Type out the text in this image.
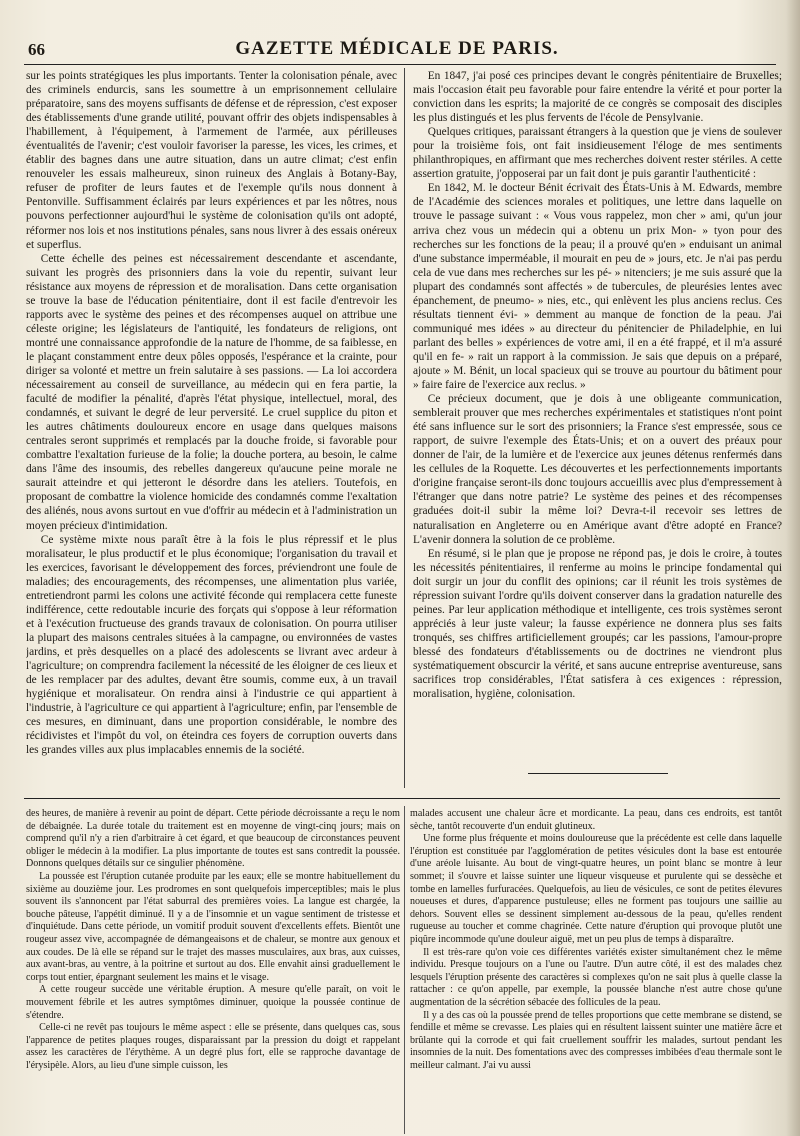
66	GAZETTE MÉDICALE DE PARIS.

sur les points stratégiques les plus importants. Tenter la colonisation pénale, avec des criminels endurcis, sans les soumettre à un emprisonnement cellulaire préparatoire, sans des moyens suffisants de défense et de répression, c'est exposer des établissements d'une grande utilité, pouvant offrir des objets indispensables à l'habillement, à l'équipement, à l'armement de l'armée, aux périlleuses éventualités de l'avenir; c'est vouloir favoriser la paresse, les vices, les crimes, et établir des bagnes dans une autre situation, dans un autre climat; c'est enfin renouveler les essais malheureux, sinon ruineux des Anglais à Botany-Bay, refuser de profiter de leurs fautes et de l'exemple qu'ils nous donnent à Pentonville. Suffisamment éclairés par leurs expériences et par les nôtres, nous pouvons perfectionner aujourd'hui le système de colonisation qu'ils ont adopté, réformer nos lois et nos institutions pénales, sans nous livrer à des essais onéreux et superflus.

Cette échelle des peines est nécessairement descendante et ascendante, suivant les progrès des prisonniers dans la voie du repentir, suivant leur résistance aux moyens de répression et de moralisation. Dans cette organisation se trouve la base de l'éducation pénitentiaire, dont il est facile d'entrevoir les rapports avec le système des peines et des récompenses auquel on attribue une céleste origine; les législateurs de l'antiquité, les fondateurs de religions, ont montré une connaissance approfondie de la nature de l'homme, de sa faiblesse, en le plaçant constamment entre deux pôles opposés, l'espérance et la crainte, pour diriger sa volonté et mettre un frein salutaire à ses passions. — La loi accordera nécessairement au conseil de surveillance, au médecin qui en fera partie, la faculté de modifier la pénalité, d'après l'état physique, intellectuel, moral, des condamnés, et suivant le degré de leur perversité. Le cruel supplice du piton et les autres châtiments douloureux encore en usage dans quelques maisons centrales seront supprimés et remplacés par la douche froide, si favorable pour combattre l'exaltation furieuse de la folie; la douche portera, au besoin, le calme dans l'âme des insoumis, des rebelles dangereux qu'aucune peine morale ne saurait atteindre et qui jetteront le désordre dans les ateliers. Toutefois, en proposant de combattre la violence homicide des condamnés comme l'exaltation des aliénés, nous avons surtout en vue d'offrir au médecin et à l'administration un moyen précieux d'intimidation.

Ce système mixte nous paraît être à la fois le plus répressif et le plus moralisateur, le plus productif et le plus économique; l'organisation du travail et les exercices, favorisant le développement des forces, préviendront une foule de maladies; des encouragements, des récompenses, une alimentation plus variée, entretiendront parmi les colons une activité féconde qui remplacera cette funeste indifférence, cette redoutable incurie des forçats qui s'oppose à leur réformation et à l'exécution fructueuse des grands travaux de colonisation. On pourra utiliser la plupart des maisons centrales situées à la campagne, ou environnées de vastes jardins, et près desquelles on a placé des adolescents se livrant avec ardeur à l'agriculture; on comprendra facilement la nécessité de les éloigner de ces lieux et de les remplacer par des adultes, devant être soumis, comme eux, à un travail hygiénique et moralisateur. On rendra ainsi à l'industrie ce qui appartient à l'industrie, à l'agriculture ce qui appartient à l'agriculture; enfin, par l'ensemble de ces mesures, en diminuant, dans une proportion considérable, le nombre des récidivistes et l'impôt du vol, on éteindra ces foyers de corruption ouverts dans les grandes villes aux plus implacables ennemis de la société.

En 1847, j'ai posé ces principes devant le congrès pénitentiaire de Bruxelles; mais l'occasion était peu favorable pour faire entendre la vérité et pour porter la conviction dans les esprits; la majorité de ce congrès se composait des disciples les plus distingués et les plus fervents de l'école de Pensylvanie.

Quelques critiques, paraissant étrangers à la question que je viens de soulever pour la troisième fois, ont fait insidieusement l'éloge de mes sentiments philanthropiques, en affirmant que mes recherches doivent rester stériles. A cette assertion gratuite, j'opposerai par un fait dont je puis garantir l'authenticité :

En 1842, M. le docteur Bénit écrivait des États-Unis à M. Edwards, membre de l'Académie des sciences morales et politiques, une lettre dans laquelle on trouve le passage suivant : « Vous vous rappelez, mon cher » ami, qu'un jour arriva chez vous un médecin qui a obtenu un prix Mon- » tyon pour des recherches sur les fonctions de la peau; il a prouvé qu'en » enduisant un animal d'une substance imperméable, il mourait en peu de » jours, etc. Je n'ai pas perdu cela de vue dans mes recherches sur les pé- » nitenciers; je me suis assuré que la plupart des condamnés sont affectés » de tubercules, de pleurésies lentes avec épanchement, de pneumo- » nies, etc., qui enlèvent les plus anciens reclus. Ces résultats tiennent évi- » demment au manque de fonction de la peau. J'ai communiqué mes idées » au directeur du pénitencier de Philadelphie, en lui parlant des belles » expériences de votre ami, il en a été frappé, et il m'a assuré qu'il en fe- » rait un rapport à la commission. Je sais que depuis on a préparé, ajoute » M. Bénit, un local spacieux qui se trouve au pourtour du bâtiment pour » faire faire de l'exercice aux reclus. »

Ce précieux document, que je dois à une obligeante communication, semblerait prouver que mes recherches expérimentales et statistiques n'ont point été sans influence sur le sort des prisonniers; la France s'est empressée, sous ce rapport, de suivre l'exemple des États-Unis; et on a ouvert des préaux pour donner de l'air, de la lumière et de l'exercice aux jeunes détenus renfermés dans les cellules de la Roquette. Les découvertes et les perfectionnements importants d'origine française seront-ils donc toujours accueillis avec plus d'empressement à l'étranger que dans notre patrie? Le système des peines et des récompenses graduées doit-il subir la même loi? Devra-t-il recevoir ses lettres de naturalisation en Angleterre ou en Amérique avant d'être adopté en France? L'avenir donnera la solution de ce problème.

En résumé, si le plan que je propose ne répond pas, je dois le croire, à toutes les nécessités pénitentiaires, il renferme au moins le principe fondamental qui doit surgir un jour du conflit des opinions; car il réunit les trois systèmes de répression suivant l'ordre qu'ils doivent conserver dans la gradation naturelle des peines. Par leur application méthodique et intelligente, ces trois systèmes seront appréciés à leur juste valeur; la fausse expérience ne donnera plus ses faits tronqués, ses chiffres artificiellement groupés; car les passions, l'amour-propre blessé des fondateurs d'établissements ou de doctrines ne viendront plus systématiquement obscurcir la vérité, et sans aucune entreprise aventureuse, sans sacrifices trop considérables, l'État satisfera à ces exigences : répression, moralisation, hygiène, colonisation.

des heures, de manière à revenir au point de départ. Cette période décroissante a reçu le nom de débaignée. La durée totale du traitement est en moyenne de vingt-cinq jours; mais on comprend qu'il n'y a rien d'arbitraire à cet égard, et que beaucoup de circonstances peuvent obliger le médecin à la modifier. La plus importante de toutes est sans contredit la poussée. Donnons quelques détails sur ce singulier phénomène.

La poussée est l'éruption cutanée produite par les eaux; elle se montre habituellement du sixième au douzième jour. Les prodromes en sont quelquefois imperceptibles; mais le plus souvent ils s'annoncent par l'état saburral des premières voies. La langue est chargée, la bouche pâteuse, l'appétit diminué. Il y a de l'insomnie et un vague sentiment de tristesse et d'inquiétude. Dans cette période, un vomitif produit souvent d'excellents effets. Bientôt une rougeur assez vive, accompagnée de démangeaisons et de chaleur, se montre aux genoux et aux coudes. De là elle se répand sur le trajet des masses musculaires, aux bras, aux cuisses, aux avant-bras, au ventre, à la poitrine et surtout au dos. Elle envahit ainsi graduellement le corps tout entier, épargnant seulement les mains et le visage.

A cette rougeur succède une véritable éruption. A mesure qu'elle paraît, on voit le mouvement fébrile et les autres symptômes diminuer, quoique la poussée continue de s'étendre.

Celle-ci ne revêt pas toujours le même aspect : elle se présente, dans quelques cas, sous l'apparence de petites plaques rouges, disparaissant par la pression du doigt et rappelant assez les caractères de l'érythème. A un degré plus fort, elle se rapproche davantage de l'érysipèle. Alors, au lieu d'une simple cuisson, les

malades accusent une chaleur âcre et mordicante. La peau, dans ces endroits, est tantôt sèche, tantôt recouverte d'un enduit glutineux.

Une forme plus fréquente et moins douloureuse que la précédente est celle dans laquelle l'éruption est constituée par l'agglomération de petites vésicules dont la base est entourée d'une aréole luisante. Au bout de vingt-quatre heures, un point blanc se montre à leur sommet; il s'ouvre et laisse suinter une liqueur visqueuse et purulente qui se dessèche et tombe en lamelles furfuracées. Quelquefois, au lieu de vésicules, ce sont de petites élevures noueuses et dures, d'apparence pustuleuse; elles ne forment pas toujours une saillie au dehors. Souvent elles se dessinent simplement au-dessous de la peau, qu'elles rendent rugueuse au toucher et comme chagrinée. Cette nature d'éruption qui provoque plutôt une piqûre incommode qu'une douleur aiguë, met un peu plus de temps à disparaître.

Il est très-rare qu'on voie ces différentes variétés exister simultanément chez le même individu. Presque toujours on a l'une ou l'autre. D'un autre côté, il est des malades chez lesquels l'éruption présente des caractères si complexes qu'on ne sait plus à quelle classe la rattacher : ce qu'on appelle, par exemple, la poussée blanche n'est autre chose qu'une augmentation de la sécrétion sébacée des follicules de la peau.

Il y a des cas où la poussée prend de telles proportions que cette membrane se distend, se fendille et même se crevasse. Les plaies qui en résultent laissent suinter une matière âcre et brûlante qui la corrode et qui fait cruellement souffrir les malades, surtout pendant les insomnies de la nuit. Des fomentations avec des compresses imbibées d'eau thermale sont le meilleur calmant. J'ai vu aussi
